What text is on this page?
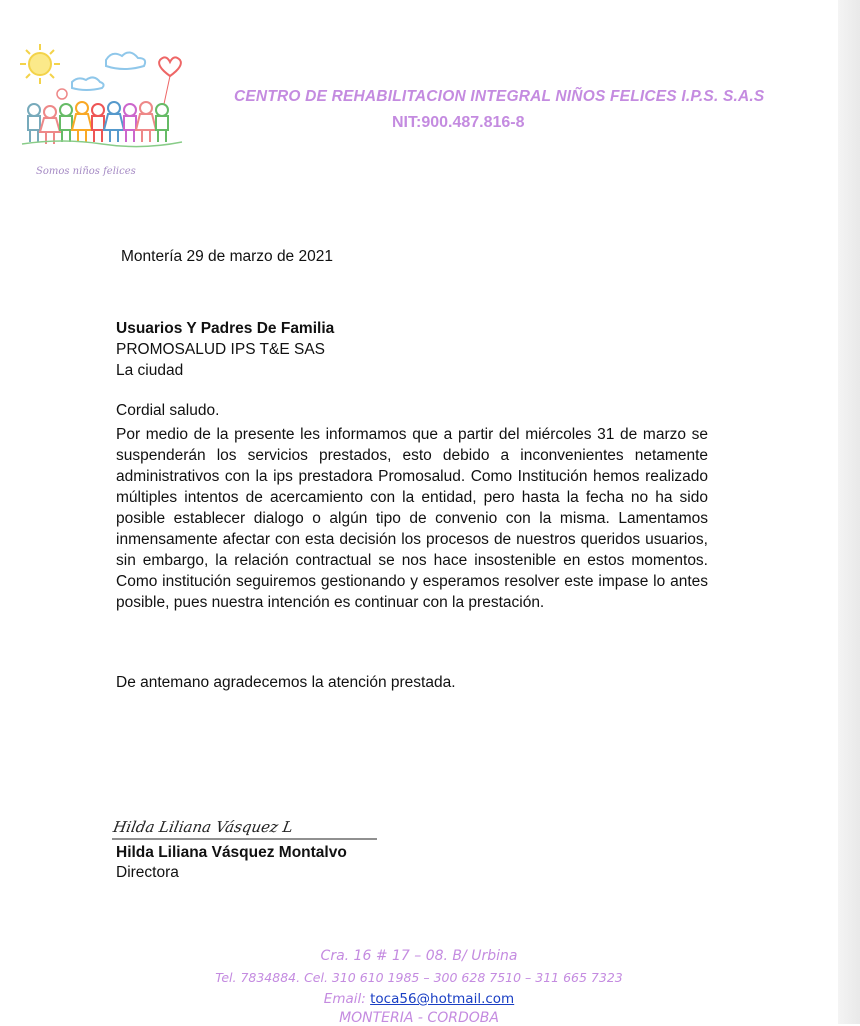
Somos niños felices
CENTRO DE REHABILITACION INTEGRAL NIÑOS FELICES I.P.S. S.A.S
NIT:900.487.816-8
Montería 29 de marzo de 2021
Usuarios Y Padres De Familia
PROMOSALUD IPS T&E SAS
La ciudad
Cordial saludo.
Por medio de la presente les informamos que a partir del miércoles 31 de marzo se suspenderán los servicios prestados, esto debido a inconvenientes netamente administrativos con la ips prestadora Promosalud. Como Institución hemos realizado múltiples intentos de acercamiento con la entidad, pero hasta la fecha no ha sido posible establecer dialogo o algún tipo de convenio con la misma. Lamentamos inmensamente afectar con esta decisión los procesos de nuestros queridos usuarios, sin embargo, la relación contractual se nos hace insostenible en estos momentos. Como institución seguiremos gestionando y esperamos resolver este impase lo antes posible, pues nuestra intención es continuar con la prestación.
De antemano agradecemos la atención prestada.
Hilda Liliana Vásquez L
Hilda Liliana Vásquez Montalvo
Directora
Cra. 16 # 17 – 08. B/ Urbina
Tel. 7834884. Cel. 310 610 1985 – 300 628 7510 – 311 665 7323
Email: toca56@hotmail.com
MONTERIA - CORDOBA
